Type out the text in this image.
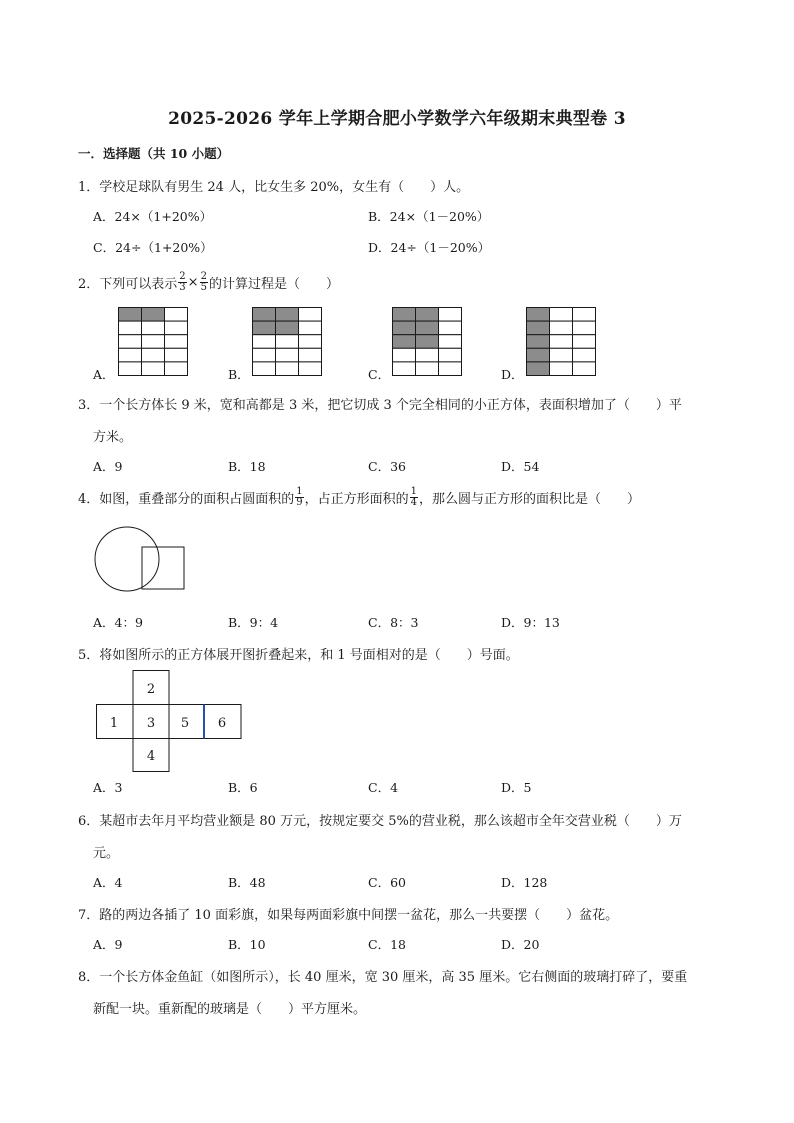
2025-2026 学年上学期合肥小学数学六年级期末典型卷 3
一．选择题（共 10 小题）
1．学校足球队有男生 24 人，比女生多 20%，女生有（　　）人。
A．24×（1+20%）	B．24×（1－20%）
C．24÷（1+20%）	D．24÷（1－20%）
2．下列可以表示 $\frac{2}{3} \times \frac{2}{5}$ 的计算过程是（　　）
A．	B．	C．	D．
3．一个长方体长 9 米，宽和高都是 3 米，把它切成 3 个完全相同的小正方体，表面积增加了（　　）平
方米。
A．9	B．18	C．36	D．54
4．如图，重叠部分的面积占圆面积的 $\frac{1}{9}$ ，占正方形面积的 $\frac{1}{4}$ ，那么圆与正方形的面积比是（　　）
A．4：9	B．9：4	C．8：3	D．9：13
5．将如图所示的正方体展开图折叠起来，和 1 号面相对的是（　　）号面。
2
1 3 5 6
4
A．3	B．6	C．4	D．5
6．某超市去年月平均营业额是 80 万元，按规定要交 5%的营业税，那么该超市全年交营业税（　　）万
元。
A．4	B．48	C．60	D．128
7．路的两边各插了 10 面彩旗，如果每两面彩旗中间摆一盆花，那么一共要摆（　　）盆花。
A．9	B．10	C．18	D．20
8．一个长方体金鱼缸（如图所示），长 40 厘米，宽 30 厘米，高 35 厘米。它右侧面的玻璃打碎了，要重
新配一块。重新配的玻璃是（　　）平方厘米。
